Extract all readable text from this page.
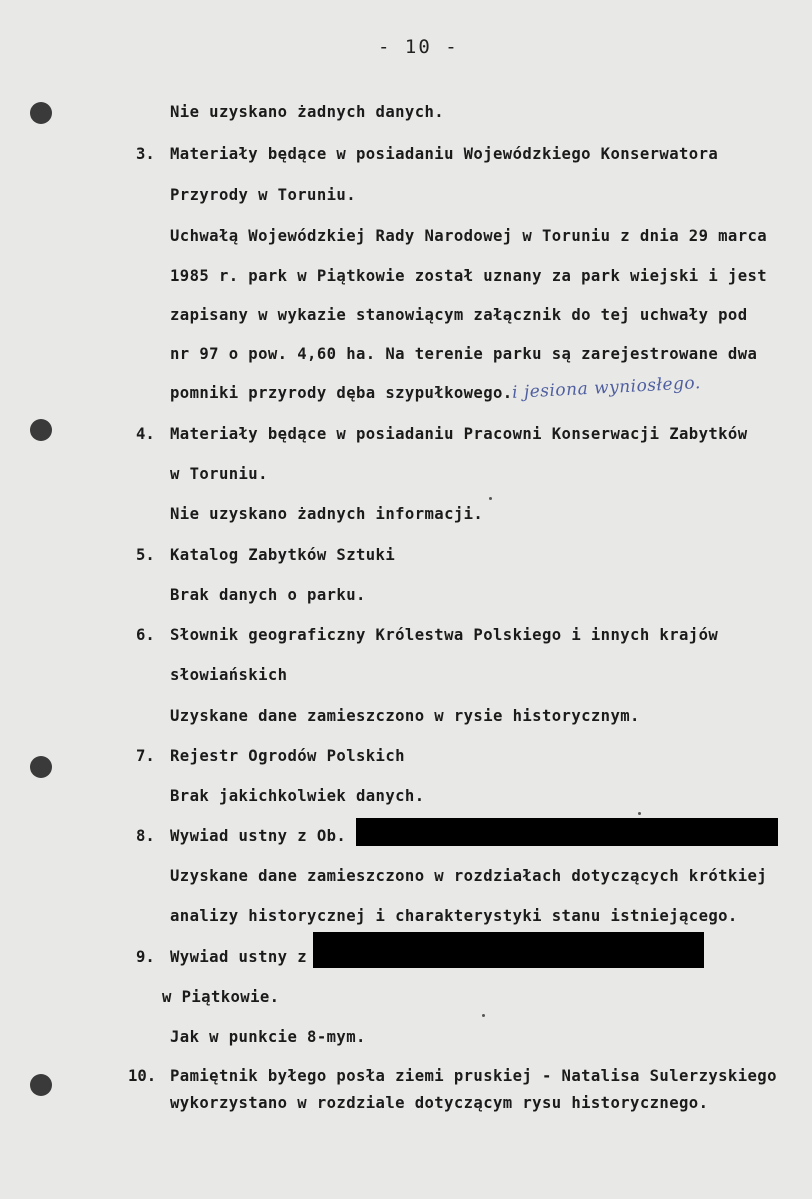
- 10 -
Nie uzyskano żadnych danych.
3. Materiały będące w posiadaniu Wojewódzkiego Konserwatora
Przyrody w Toruniu.
Uchwałą Wojewódzkiej Rady Narodowej w Toruniu z dnia 29 marca
1985 r. park w Piątkowie został uznany za park wiejski i jest
zapisany w wykazie stanowiącym załącznik do tej uchwały pod
nr 97 o pow. 4,60 ha. Na terenie parku są zarejestrowane dwa
pomniki przyrody dęba szypułkowego. i jesiona wyniosłego.
4. Materiały będące w posiadaniu Pracowni Konserwacji Zabytków
w Toruniu.
Nie uzyskano żadnych informacji.
5. Katalog Zabytków Sztuki
Brak danych o parku.
6. Słownik geograficzny Królestwa Polskiego i innych krajów
słowiańskich
Uzyskane dane zamieszczono w rysie historycznym.
7. Rejestr Ogrodów Polskich
Brak jakichkolwiek danych.
8. Wywiad ustny z Ob.
Uzyskane dane zamieszczono w rozdziałach dotyczących krótkiej
analizy historycznej i charakterystyki stanu istniejącego.
9. Wywiad ustny z
w Piątkowie.
Jak w punkcie 8-mym.
10. Pamiętnik byłego posła ziemi pruskiej - Natalisa Sulerzyskiego
wykorzystano w rozdziale dotyczącym rysu historycznego.
